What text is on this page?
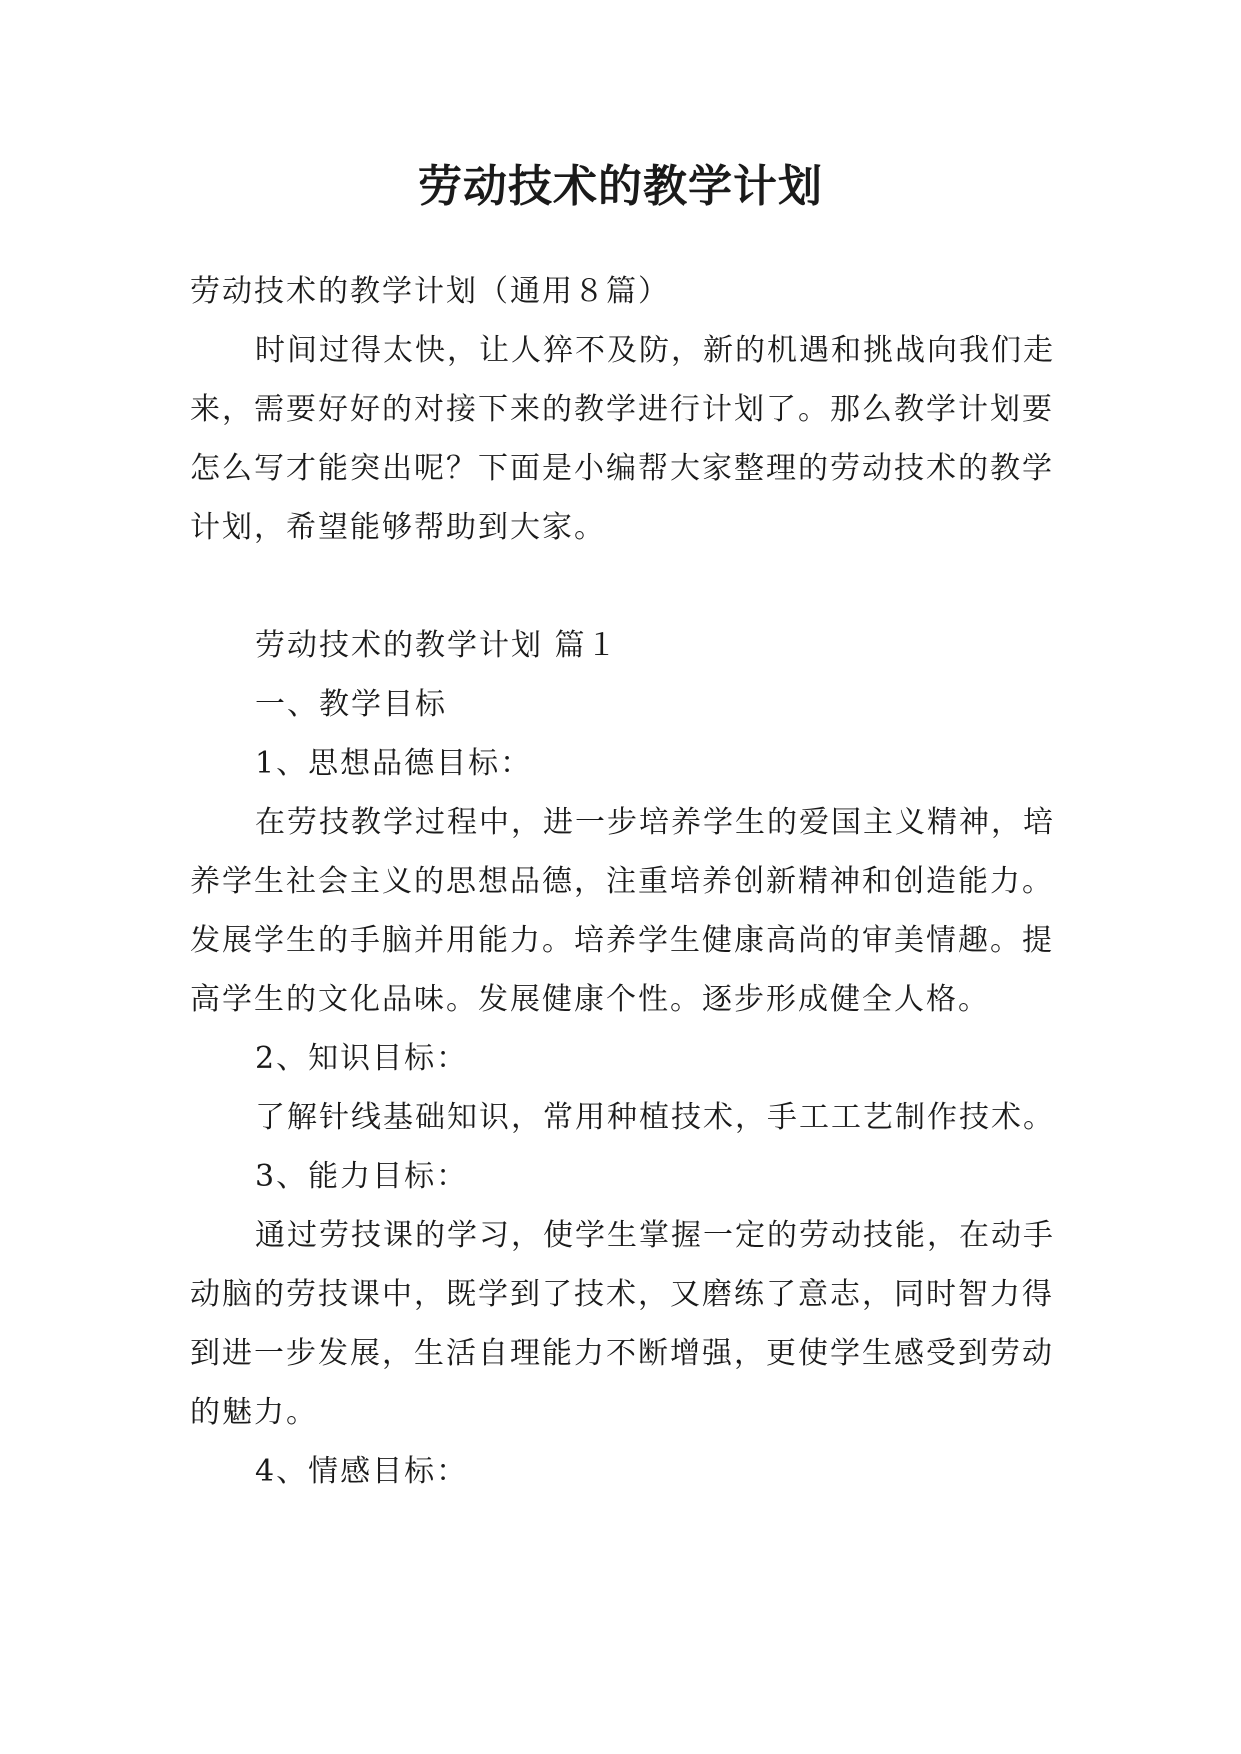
劳动技术的教学计划

劳动技术的教学计划（通用８篇）

时间过得太快，让人猝不及防，新的机遇和挑战向我们走来，需要好好的对接下来的教学进行计划了。那么教学计划要怎么写才能突出呢？下面是小编帮大家整理的劳动技术的教学计划，希望能够帮助到大家。

劳动技术的教学计划 篇１

一、教学目标

1、思想品德目标：

在劳技教学过程中，进一步培养学生的爱国主义精神，培养学生社会主义的思想品德，注重培养创新精神和创造能力。发展学生的手脑并用能力。培养学生健康高尚的审美情趣。提高学生的文化品味。发展健康个性。逐步形成健全人格。

2、知识目标：

了解针线基础知识，常用种植技术，手工工艺制作技术。

3、能力目标：

通过劳技课的学习，使学生掌握一定的劳动技能，在动手动脑的劳技课中，既学到了技术，又磨练了意志，同时智力得到进一步发展，生活自理能力不断增强，更使学生感受到劳动的魅力。

4、情感目标：
